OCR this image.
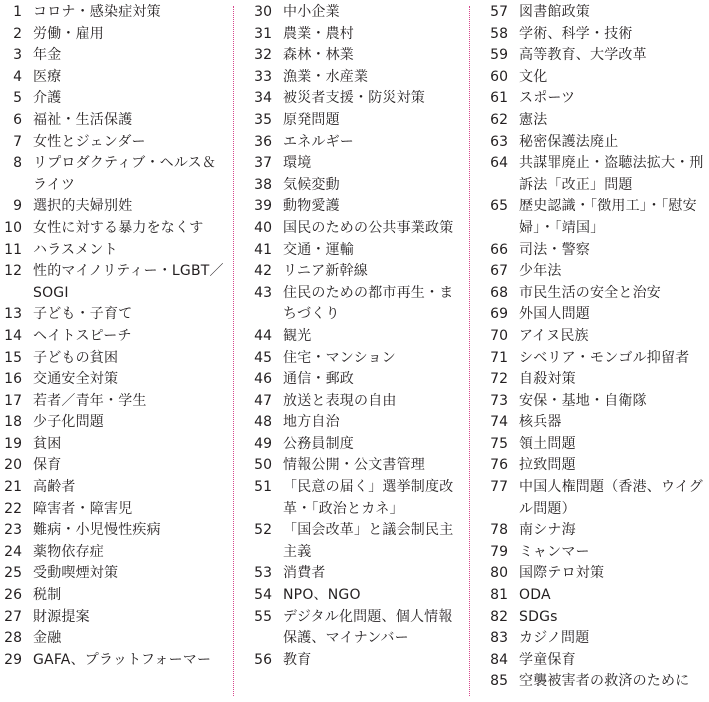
1 コロナ・感染症対策
2 労働・雇用
3 年金
4 医療
5 介護
6 福祉・生活保護
7 女性とジェンダー
8 リプロダクティブ・ヘルス＆ライツ
9 選択的夫婦別姓
10 女性に対する暴力をなくす
11 ハラスメント
12 性的マイノリティー・LGBT／SOGI
13 子ども・子育て
14 ヘイトスピーチ
15 子どもの貧困
16 交通安全対策
17 若者／青年・学生
18 少子化問題
19 貧困
20 保育
21 高齢者
22 障害者・障害児
23 難病・小児慢性疾病
24 薬物依存症
25 受動喫煙対策
26 税制
27 財源提案
28 金融
29 GAFA、プラットフォーマー
30 中小企業
31 農業・農村
32 森林・林業
33 漁業・水産業
34 被災者支援・防災対策
35 原発問題
36 エネルギー
37 環境
38 気候変動
39 動物愛護
40 国民のための公共事業政策
41 交通・運輸
42 リニア新幹線
43 住民のための都市再生・まちづくり
44 観光
45 住宅・マンション
46 通信・郵政
47 放送と表現の自由
48 地方自治
49 公務員制度
50 情報公開・公文書管理
51 「民意の届く」選挙制度改革・「政治とカネ」
52 「国会改革」と議会制民主主義
53 消費者
54 NPO、NGO
55 デジタル化問題、個人情報保護、マイナンバー
56 教育
57 図書館政策
58 学術、科学・技術
59 高等教育、大学改革
60 文化
61 スポーツ
62 憲法
63 秘密保護法廃止
64 共謀罪廃止・盗聴法拡大・刑訴法「改正」問題
65 歴史認識・「徴用工」・「慰安婦」・「靖国」
66 司法・警察
67 少年法
68 市民生活の安全と治安
69 外国人問題
70 アイヌ民族
71 シベリア・モンゴル抑留者
72 自殺対策
73 安保・基地・自衛隊
74 核兵器
75 領土問題
76 拉致問題
77 中国人権問題（香港、ウイグル問題）
78 南シナ海
79 ミャンマー
80 国際テロ対策
81 ODA
82 SDGs
83 カジノ問題
84 学童保育
85 空襲被害者の救済のために
